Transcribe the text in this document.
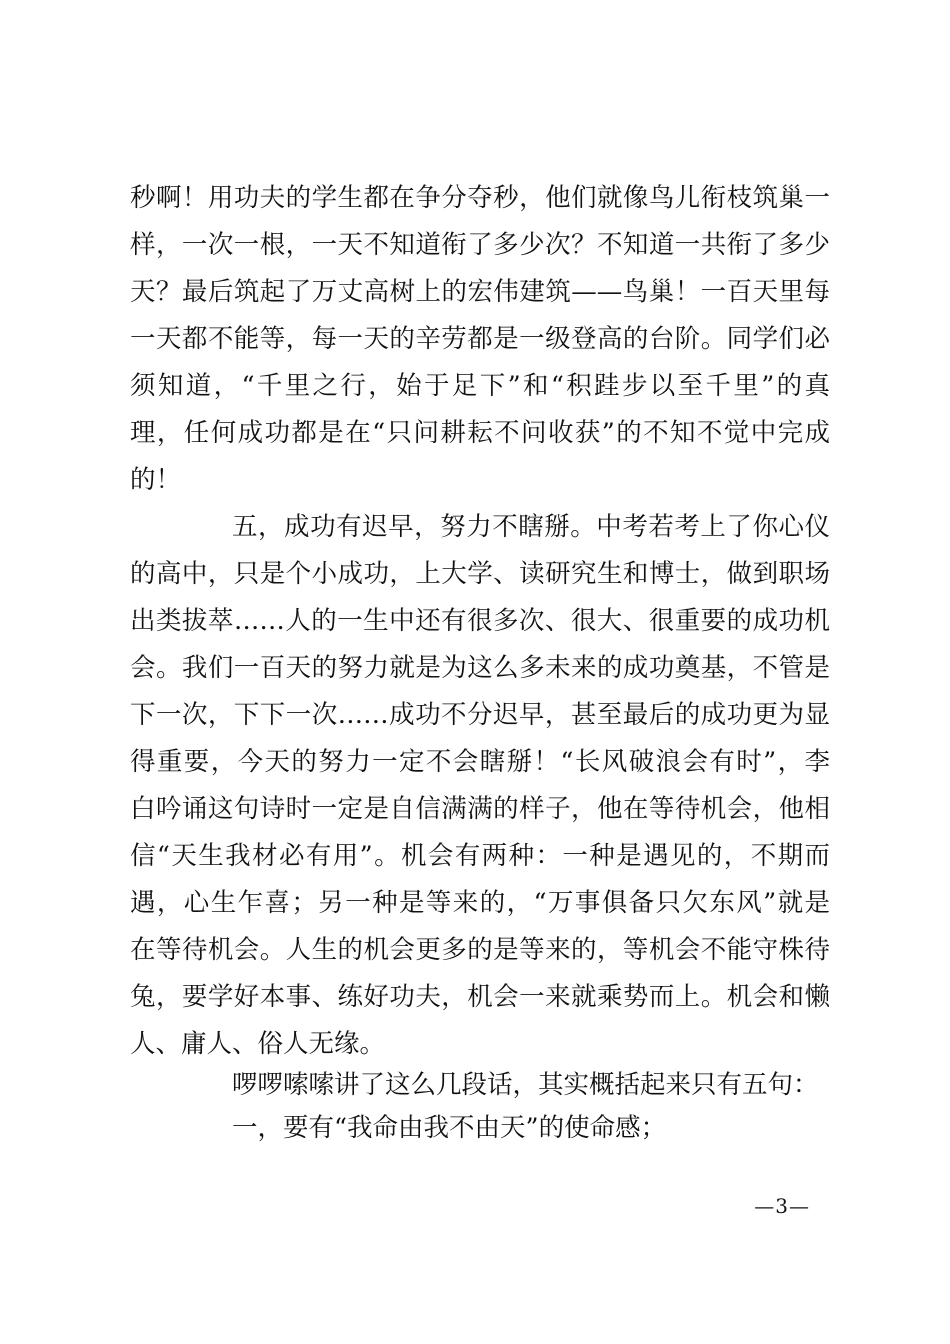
秒啊！用功夫的学生都在争分夺秒，他们就像鸟儿衔枝筑巢一
样，一次一根，一天不知道衔了多少次？不知道一共衔了多少
天？最后筑起了万丈高树上的宏伟建筑——鸟巢！一百天里每
一天都不能等，每一天的辛劳都是一级登高的台阶。同学们必
须知道，“千里之行，始于足下”和“积跬步以至千里”的真
理，任何成功都是在“只问耕耘不问收获”的不知不觉中完成
的！
五，成功有迟早，努力不瞎掰。中考若考上了你心仪
的高中，只是个小成功，上大学、读研究生和博士，做到职场
出类拔萃……人的一生中还有很多次、很大、很重要的成功机
会。我们一百天的努力就是为这么多未来的成功奠基，不管是
下一次，下下一次……成功不分迟早，甚至最后的成功更为显
得重要，今天的努力一定不会瞎掰！“长风破浪会有时”，李
白吟诵这句诗时一定是自信满满的样子，他在等待机会，他相
信“天生我材必有用”。机会有两种：一种是遇见的，不期而
遇，心生乍喜；另一种是等来的，“万事俱备只欠东风”就是
在等待机会。人生的机会更多的是等来的，等机会不能守株待
兔，要学好本事、练好功夫，机会一来就乘势而上。机会和懒
人、庸人、俗人无缘。
啰啰嗦嗦讲了这么几段话，其实概括起来只有五句：
一，要有“我命由我不由天”的使命感；
—3—
